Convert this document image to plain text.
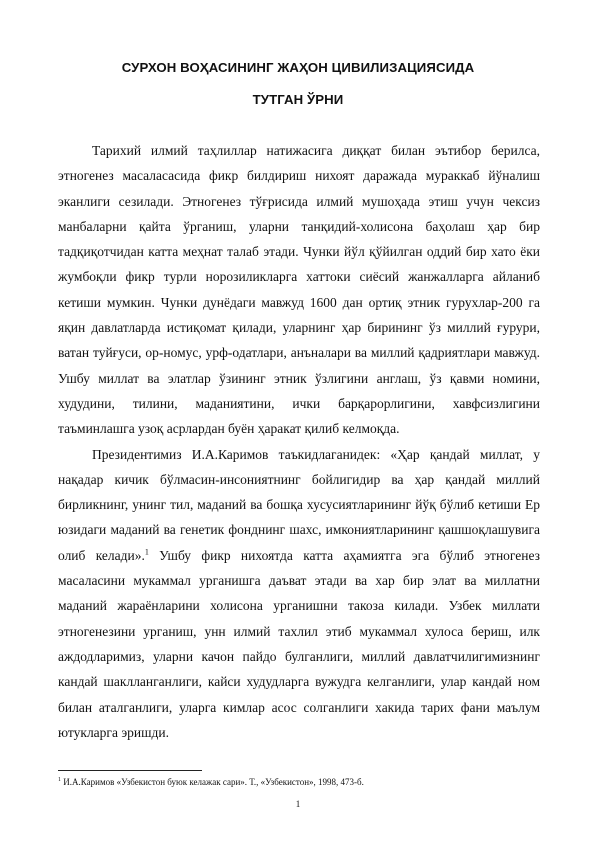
СУРХОН ВОҲАСИНИНГ ЖАҲОН ЦИВИЛИЗАЦИЯСИДА
ТУТГАН ЎРНИ

Тарихий илмий таҳлиллар натижасига диққат билан эътибор берилса, этногенез масаласасида фикр билдириш нихоят даражада мураккаб йўналиш эканлиги сезилади. Этногенез тўғрисида илмий мушоҳада этиш учун чексиз манбаларни қайта ўрганиш, уларни танқидий-холисона баҳолаш ҳар бир тадқиқотчидан катта меҳнат талаб этади. Чунки йўл қўйилган оддий бир хато ёки жумбоқли фикр турли норозиликларга хаттоки сиёсий жанжалларга айланиб кетиши мумкин. Чунки дунёдаги мавжуд 1600 дан ортиқ этник гурухлар-200 га яқин давлатларда истиқомат қилади, уларнинг ҳар бирининг ўз миллий ғурури, ватан туйғуси, ор-номус, урф-одатлари, анъналари ва миллий қадриятлари мавжуд. Ушбу миллат ва элатлар ўзининг этник ўзлигини англаш, ўз қавми номини, худудини, тилини, маданиятини, ички барқарорлигини, хавфсизлигини таъминлашга узоқ асрлардан буён ҳаракат қилиб келмоқда.

Президентимиз И.А.Каримов таъкидлаганидек: «Ҳар қандай миллат, у нақадар кичик бўлмасин-инсониятнинг бойлигидир ва ҳар қандай миллий бирликнинг, унинг тил, маданий ва бошқа хусусиятларининг йўқ бўлиб кетиши Ер юзидаги маданий ва генетик фонднинг шахс, имкониятларининг қашшоқлашувига олиб келади».$^1$ Ушбу фикр нихоятда катта аҳамиятга эга бўлиб этногенез масаласини мукаммал урганишга даъват этади ва хар бир элат ва миллатни маданий жараёнларини холисона урганишни такоза килади. Узбек миллати этногенезини урганиш, унн илмий тахлил этиб мукаммал хулоса бериш, илк аждодларимиз, уларни качон пайдо булганлиги, миллий давлатчилигимизнинг кандай шаклланганлиги, кайси худудларга вужудга келганлиги, улар кандай ном билан аталганлиги, уларга кимлар асос солганлиги хакида тарих фани маълум ютукларга эришди.

$^1$ И.А.Каримов «Узбекистон буюк келажак сари». Т., «Узбекистон», 1998, 473-б.
1
